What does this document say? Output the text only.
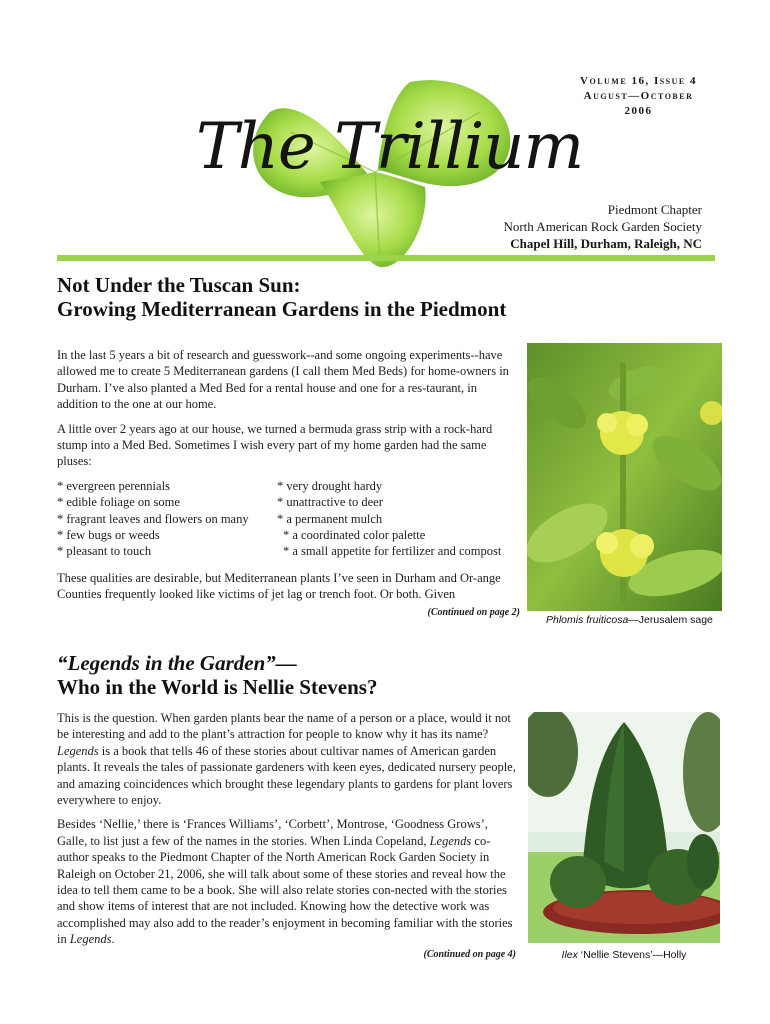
The Trillium
Volume 16, Issue 4
August—October
2006
Piedmont Chapter
North American Rock Garden Society
Chapel Hill, Durham, Raleigh, NC
Not Under the Tuscan Sun:
Growing Mediterranean Gardens in the Piedmont

In the last 5 years a bit of research and guesswork--and some ongoing experiments--have allowed me to create 5 Mediterranean gardens (I call them Med Beds) for home-owners in Durham. I’ve also planted a Med Bed for a rental house and one for a res-taurant, in addition to the one at our home.

A little over 2 years ago at our house, we turned a bermuda grass strip with a rock-hard stump into a Med Bed. Sometimes I wish every part of my home garden had the same pluses:

* evergreen perennials
* edible foliage on some
* fragrant leaves and flowers on many
* few bugs or weeds
* pleasant to touch
* very drought hardy
* unattractive to deer
* a permanent mulch
* a coordinated color palette
* a small appetite for fertilizer and compost

These qualities are desirable, but Mediterranean plants I’ve seen in Durham and Or-ange Counties frequently looked like victims of jet lag or trench foot. Or both. Given

(Continued on page 2)
Phlomis fruiticosa—Jerusalem sage
“Legends in the Garden”—
Who in the World is Nellie Stevens?

This is the question. When garden plants bear the name of a person or a place, would it not be interesting and add to the plant’s attraction for people to know why it has its name? Legends is a book that tells 46 of these stories about cultivar names of American garden plants. It reveals the tales of passionate gardeners with keen eyes, dedicated nursery people, and amazing coincidences which brought these legendary plants to gardens for plant lovers everywhere to enjoy.

Besides ‘Nellie,’ there is ‘Frances Williams’, ‘Corbett’, Montrose, ‘Goodness Grows’, Galle, to list just a few of the names in the stories. When Linda Copeland, Legends co-author speaks to the Piedmont Chapter of the North American Rock Garden Society in Raleigh on October 21, 2006, she will talk about some of these stories and reveal how the idea to tell them came to be a book. She will also relate stories con-nected with the stories and show items of interest that are not included. Knowing how the detective work was accomplished may also add to the reader’s enjoyment in becoming familiar with the stories in Legends.

(Continued on page 4)	Ilex ‘Nellie Stevens’—Holly
